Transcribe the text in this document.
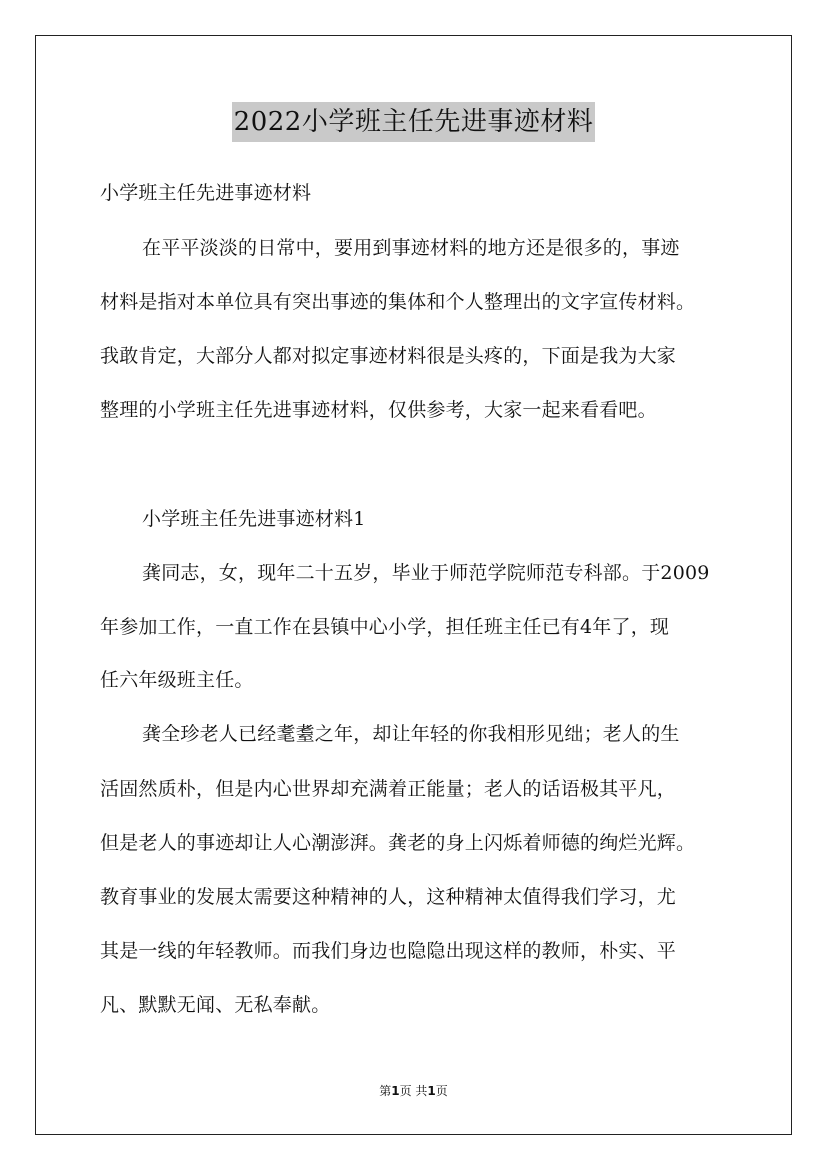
2022小学班主任先进事迹材料
小学班主任先进事迹材料
在平平淡淡的日常中，要用到事迹材料的地方还是很多的，事迹
材料是指对本单位具有突出事迹的集体和个人整理出的文字宣传材料。
我敢肯定，大部分人都对拟定事迹材料很是头疼的，下面是我为大家
整理的小学班主任先进事迹材料，仅供参考，大家一起来看看吧。
小学班主任先进事迹材料1
龚同志，女，现年二十五岁，毕业于师范学院师范专科部。于2009
年参加工作，一直工作在县镇中心小学，担任班主任已有4年了，现
任六年级班主任。
龚全珍老人已经耄耋之年，却让年轻的你我相形见绌；老人的生
活固然质朴，但是内心世界却充满着正能量；老人的话语极其平凡，
但是老人的事迹却让人心潮澎湃。龚老的身上闪烁着师德的绚烂光辉。
教育事业的发展太需要这种精神的人，这种精神太值得我们学习，尤
其是一线的年轻教师。而我们身边也隐隐出现这样的教师，朴实、平
凡、默默无闻、无私奉献。
第1页 共1页
